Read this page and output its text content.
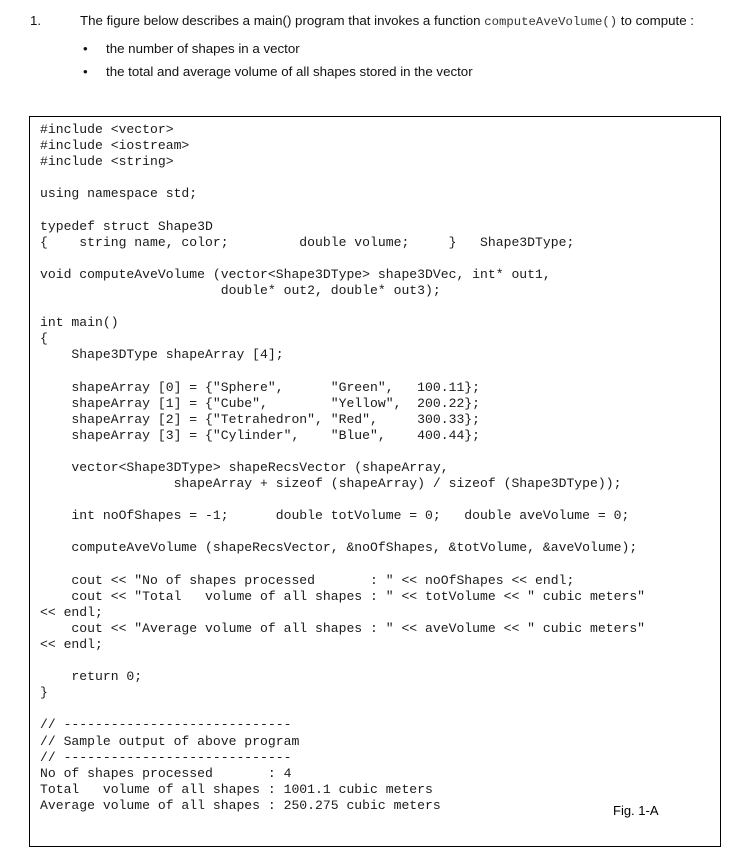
1.	The figure below describes a main() program that invokes a function computeAveVolume() to compute :
• the number of shapes in a vector
• the total and average volume of all shapes stored in the vector
#include <vector>
#include <iostream>
#include <string>
using namespace std;
typedef struct Shape3D
{    string name, color;         double volume;     }   Shape3DType;
void computeAveVolume (vector<Shape3DType> shape3DVec, int* out1,
double* out2, double* out3);
int main()
{
Shape3DType shapeArray [4];
shapeArray [0] = {"Sphere",      "Green",   100.11};
shapeArray [1] = {"Cube",        "Yellow",  200.22};
shapeArray [2] = {"Tetrahedron", "Red",     300.33};
shapeArray [3] = {"Cylinder",    "Blue",    400.44};
vector<Shape3DType> shapeRecsVector (shapeArray,
shapeArray + sizeof (shapeArray) / sizeof (Shape3DType));
int noOfShapes = -1;      double totVolume = 0;   double aveVolume = 0;
computeAveVolume (shapeRecsVector, &noOfShapes, &totVolume, &aveVolume);
cout << "No of shapes processed       : " << noOfShapes << endl;
cout << "Total   volume of all shapes : " << totVolume << " cubic meters"
<< endl;
cout << "Average volume of all shapes : " << aveVolume << " cubic meters"
<< endl;
return 0;
}
// -----------------------------
// Sample output of above program
// -----------------------------
No of shapes processed       : 4
Total   volume of all shapes : 1001.1 cubic meters
Average volume of all shapes : 250.275 cubic meters	Fig. 1-A
